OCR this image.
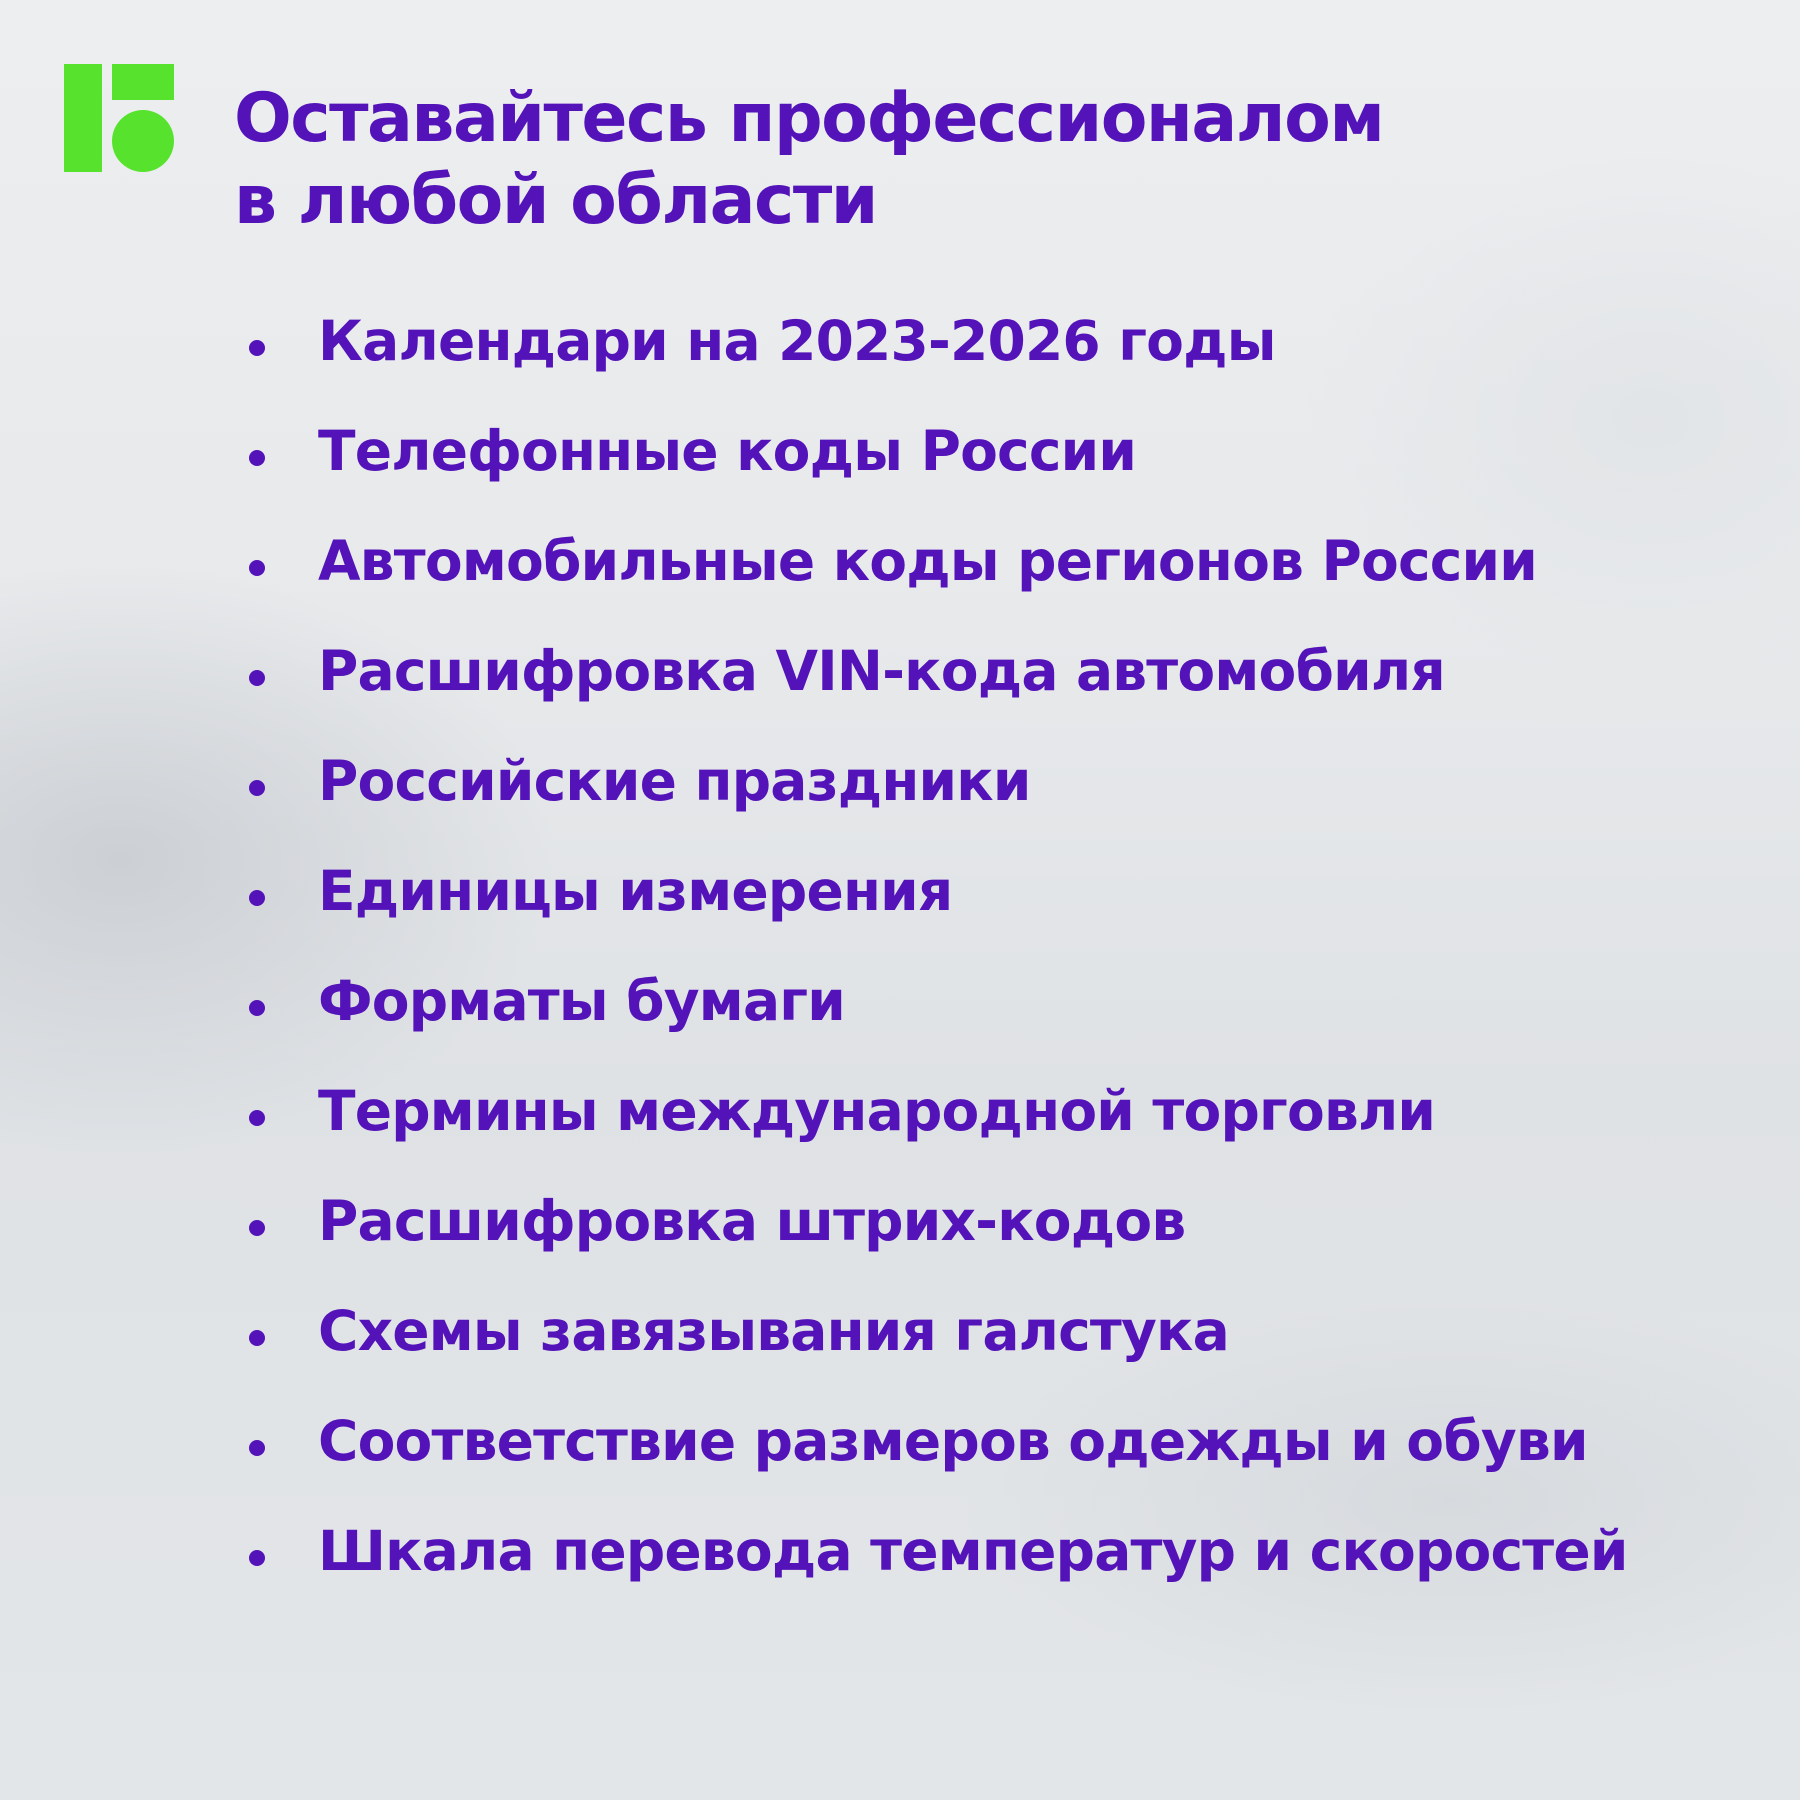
Оставайтесь профессионалом
в любой области
Календари на 2023-2026 годы
Телефонные коды России
Автомобильные коды регионов России
Расшифровка VIN-кода автомобиля
Российские праздники
Единицы измерения
Форматы бумаги
Термины международной торговли
Расшифровка штрих-кодов
Схемы завязывания галстука
Соответствие размеров одежды и обуви
Шкала перевода температур и скоростей
